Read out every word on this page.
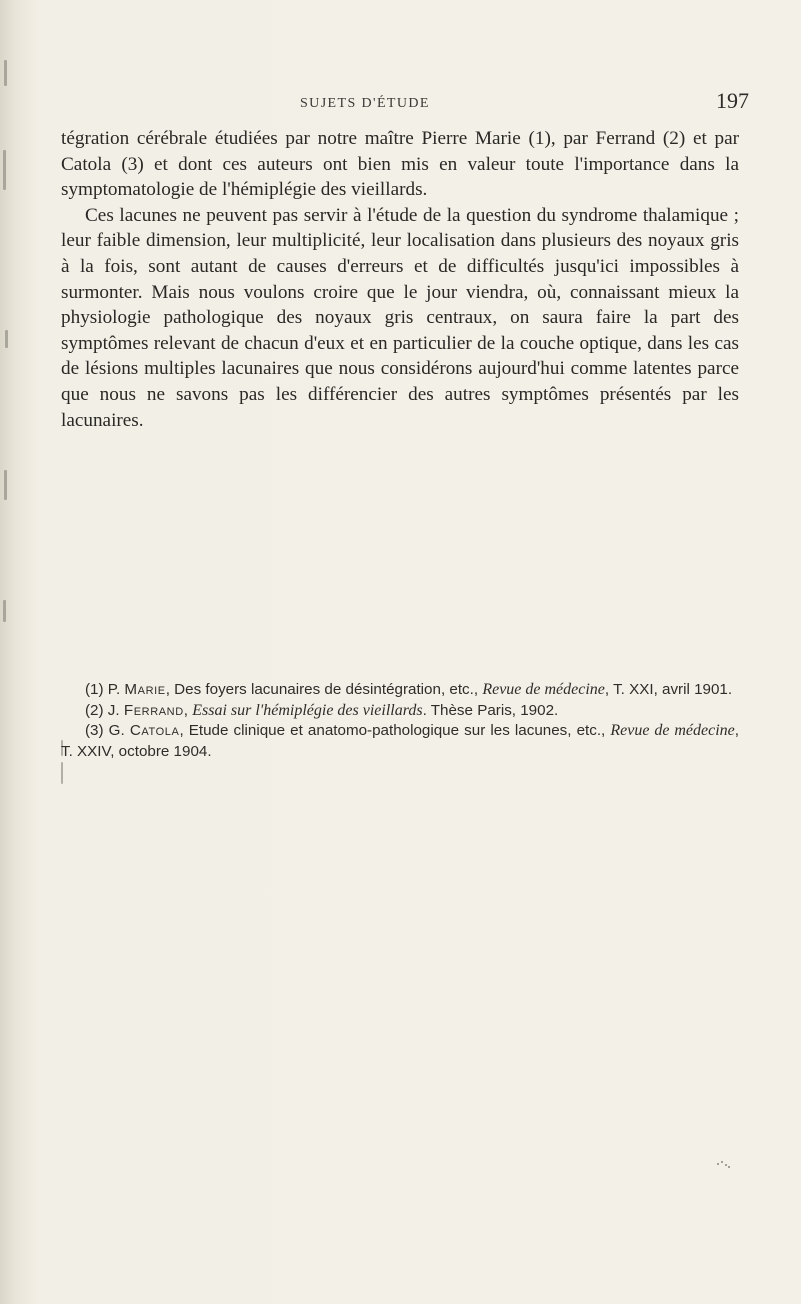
SUJETS D'ÉTUDE	197

tégration cérébrale étudiées par notre maître Pierre Marie (1), par Ferrand (2) et par Catola (3) et dont ces auteurs ont bien mis en valeur toute l'importance dans la symptomatologie de l'hémiplégie des vieillards.

Ces lacunes ne peuvent pas servir à l'étude de la question du syndrome thalamique ; leur faible dimension, leur multiplicité, leur localisation dans plusieurs des noyaux gris à la fois, sont autant de causes d'erreurs et de difficultés jusqu'ici impossibles à surmonter. Mais nous voulons croire que le jour viendra, où, connaissant mieux la physiologie pathologique des noyaux gris centraux, on saura faire la part des symptômes relevant de chacun d'eux et en particulier de la couche optique, dans les cas de lésions multiples lacunaires que nous considérons aujourd'hui comme latentes parce que nous ne savons pas les différencier des autres symptômes présentés par les lacunaires.

(1) P. Marie, Des foyers lacunaires de désintégration, etc., Revue de médecine, T. XXI, avril 1901.

(2) J. Ferrand, Essai sur l'hémiplégie des vieillards. Thèse Paris, 1902.

(3) G. Catola, Etude clinique et anatomo-pathologique sur les lacunes, etc., Revue de médecine, T. XXIV, octobre 1904.
